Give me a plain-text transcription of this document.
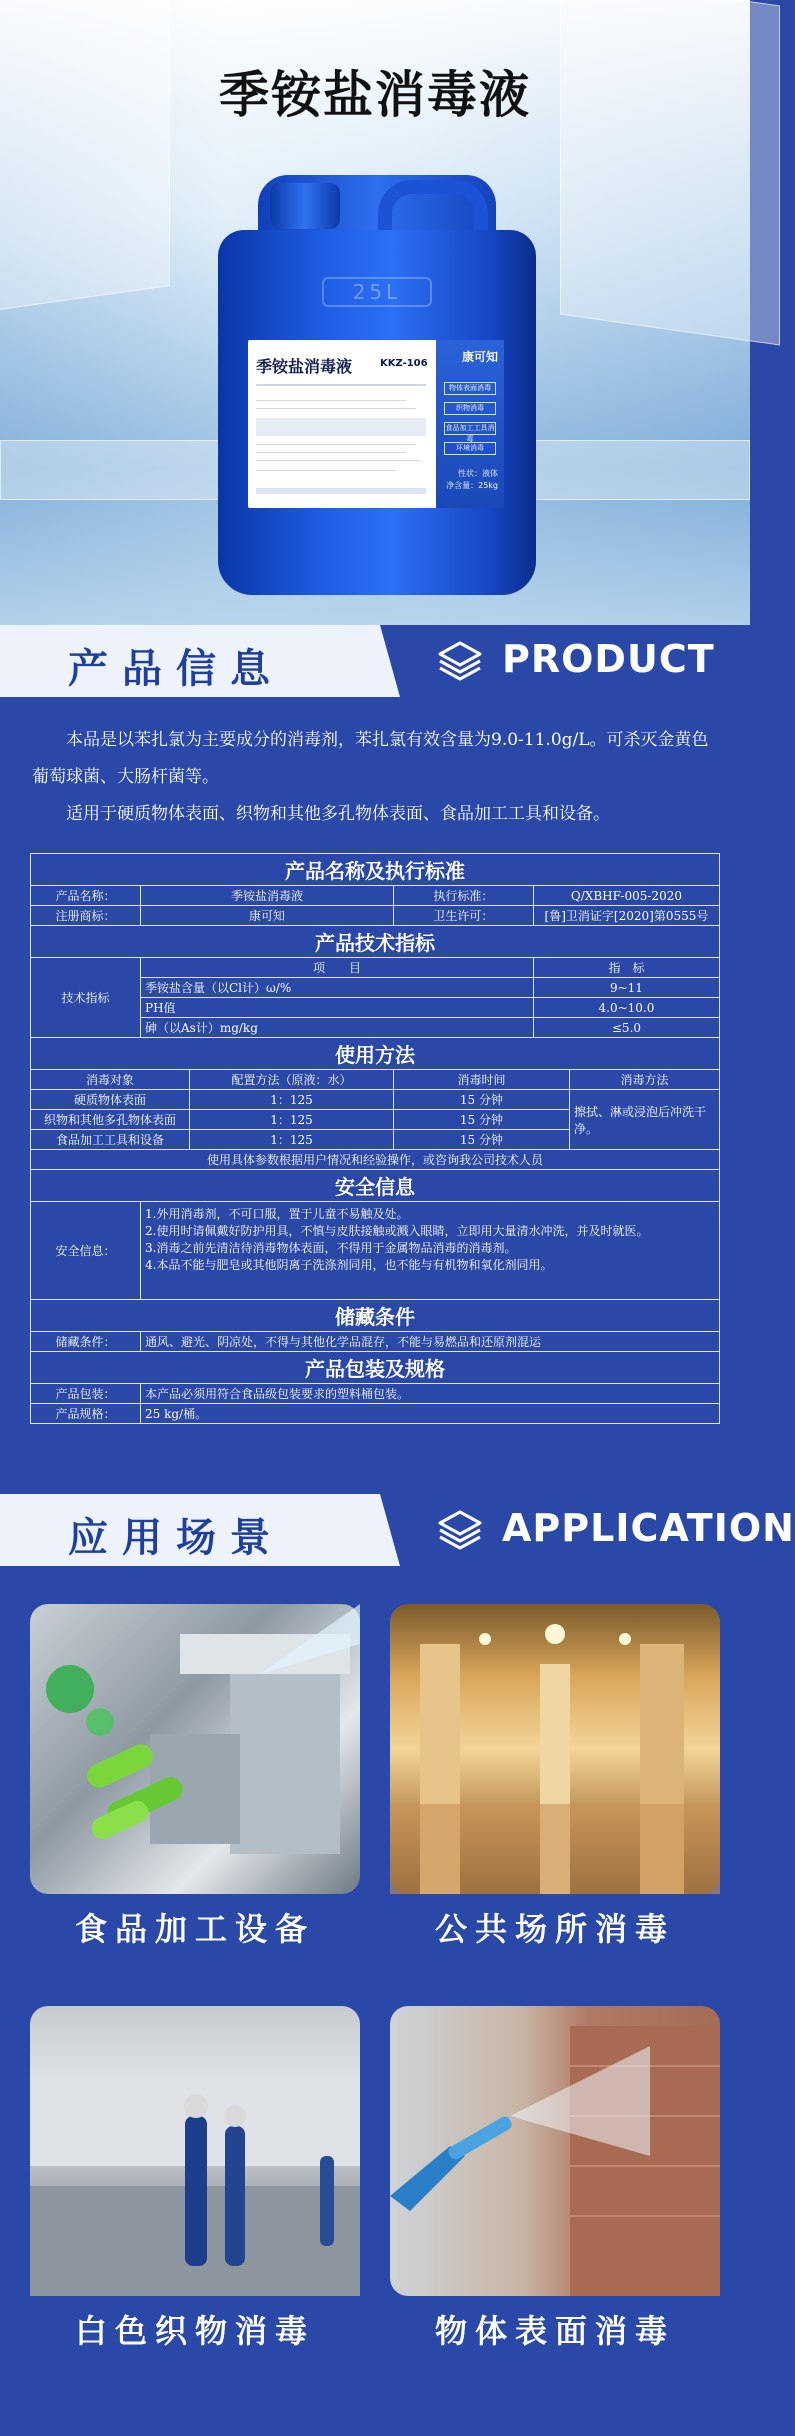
季铵盐消毒液
25L
季铵盐消毒液	KKZ-106	康可知
物体表面消毒
织物消毒
食品加工工具消毒
环境消毒
性状：液体
净含量：25kg
产品信息	PRODUCT

本品是以苯扎氯为主要成分的消毒剂，苯扎氯有效含量为9.0-11.0g/L。可杀灭金黄色葡萄球菌、大肠杆菌等。

适用于硬质物体表面、织物和其他多孔物体表面、食品加工工具和设备。

产品名称及执行标准					
产品名称：	季铵盐消毒液		执行标准：	Q/XBHF-005-2020	
注册商标：	康可知		卫生许可：	[鲁]卫消证字[2020]第0555号	
产品技术指标					
技术指标	项　　目			指　标	
	季铵盐含量（以Cl计）ω/%			9~11	
	PH值			4.0~10.0	
	砷（以As计）mg/kg			≤5.0	
使用方法					
消毒对象		配置方法（原液：水）	消毒时间		消毒方法
硬质物体表面		1：125	15 分钟		擦拭、淋或浸泡后冲洗干净。
织物和其他多孔物体表面		1：125	15 分钟		
食品加工工具和设备		1：125	15 分钟		
使用具体参数根据用户情况和经验操作，或咨询我公司技术人员					
安全信息					
安全信息：	1.外用消毒剂，不可口服，置于儿童不易触及处。
2.使用时请佩戴好防护用具，不慎与皮肤接触或溅入眼睛，立即用大量清水冲洗，并及时就医。
3.消毒之前先清洁待消毒物体表面，不得用于金属物品消毒的消毒剂。
4.本品不能与肥皂或其他阴离子洗涤剂同用，也不能与有机物和氧化剂同用。				

储藏条件					
储藏条件：	通风、避光、阴凉处，不得与其他化学品混存，不能与易燃品和还原剂混运				
产品包装及规格					
产品包装：	本产品必须用符合食品级包装要求的塑料桶包装。				
产品规格：	25 kg/桶。				
应用场景	APPLICATION
食品加工设备	公共场所消毒
白色织物消毒	物体表面消毒
